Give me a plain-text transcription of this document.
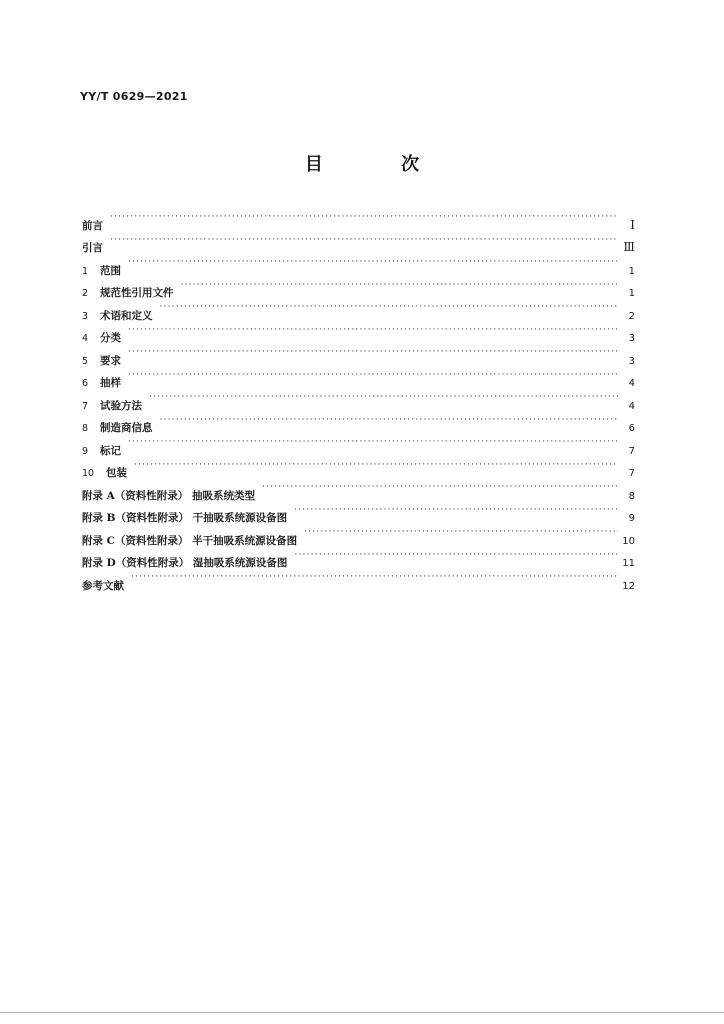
YY/T 0629—2021
目 次
前言 ·····	Ⅰ
引言 ·····	Ⅲ
1	范围 ·····	1
2	规范性引用文件 ·····	1
3	术语和定义 ·····	2
4	分类 ·····	3
5	要求 ·····	3
6	抽样 ·····	4
7	试验方法 ·····	4
8	制造商信息 ·····	6
9	标记 ·····	7
10	包装 ·····	7
附录 A（资料性附录） 抽吸系统类型 ·····	8
附录 B（资料性附录） 干抽吸系统源设备图 ·····	9
附录 C（资料性附录） 半干抽吸系统源设备图 ·····	10
附录 D（资料性附录） 湿抽吸系统源设备图 ·····	11
参考文献 ·····	12
